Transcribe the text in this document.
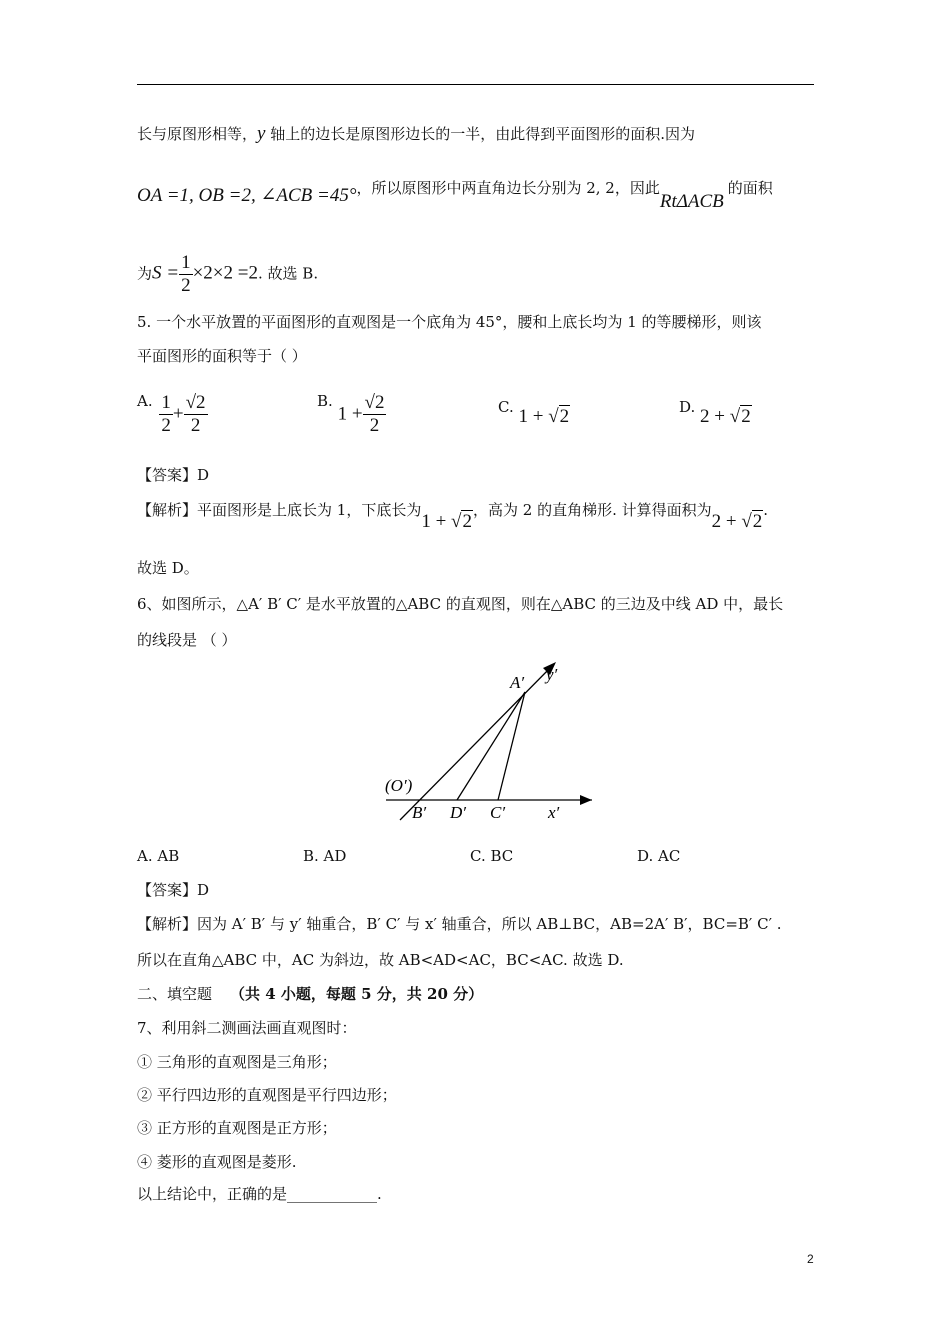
长与原图形相等，y 轴上的边长是原图形边长的一半，由此得到平面图形的面积.因为
OA =1, OB =2, ∠ACB =45°，所以原图形中两直角边长分别为 2, 2，因此RtΔACB的面积
为$S = \frac{1}{2} \times 2\times 2 =2$. 故选 B.
5. 一个水平放置的平面图形的直观图是一个底角为 45°，腰和上底长均为 1 的等腰梯形，则该
平面图形的面积等于（ ）
A. $\frac{1}{2} + \frac{√2}{2}$	B. $1 + \frac{√2}{2}$	C. 1 + √2	D. 2 + √2
【答案】D
【解析】平面图形是上底长为 1，下底长为1 + √2，高为 2 的直角梯形. 计算得面积为2 + √2.
故选 D。
6、如图所示，△A′ B′ C′ 是水平放置的△ABC 的直观图，则在△ABC 的三边及中线 AD 中，最长
的线段是 （ ）
A′ y′
(O′)
B′ D′ C′	x′
A. AB	B. AD	C. BC	D. AC
【答案】D
【解析】因为 A′ B′ 与 y′ 轴重合，B′ C′ 与 x′ 轴重合，所以 AB⊥BC，AB=2A′ B′，BC=B′ C′ .
所以在直角△ABC 中，AC 为斜边，故 AB<AD<AC，BC<AC. 故选 D.
二、填空题 （共 4 小题，每题 5 分，共 20 分）
7、利用斜二测画法画直观图时：
① 三角形的直观图是三角形；
② 平行四边形的直观图是平行四边形；
③ 正方形的直观图是正方形；
④ 菱形的直观图是菱形.
以上结论中，正确的是____________.
2
